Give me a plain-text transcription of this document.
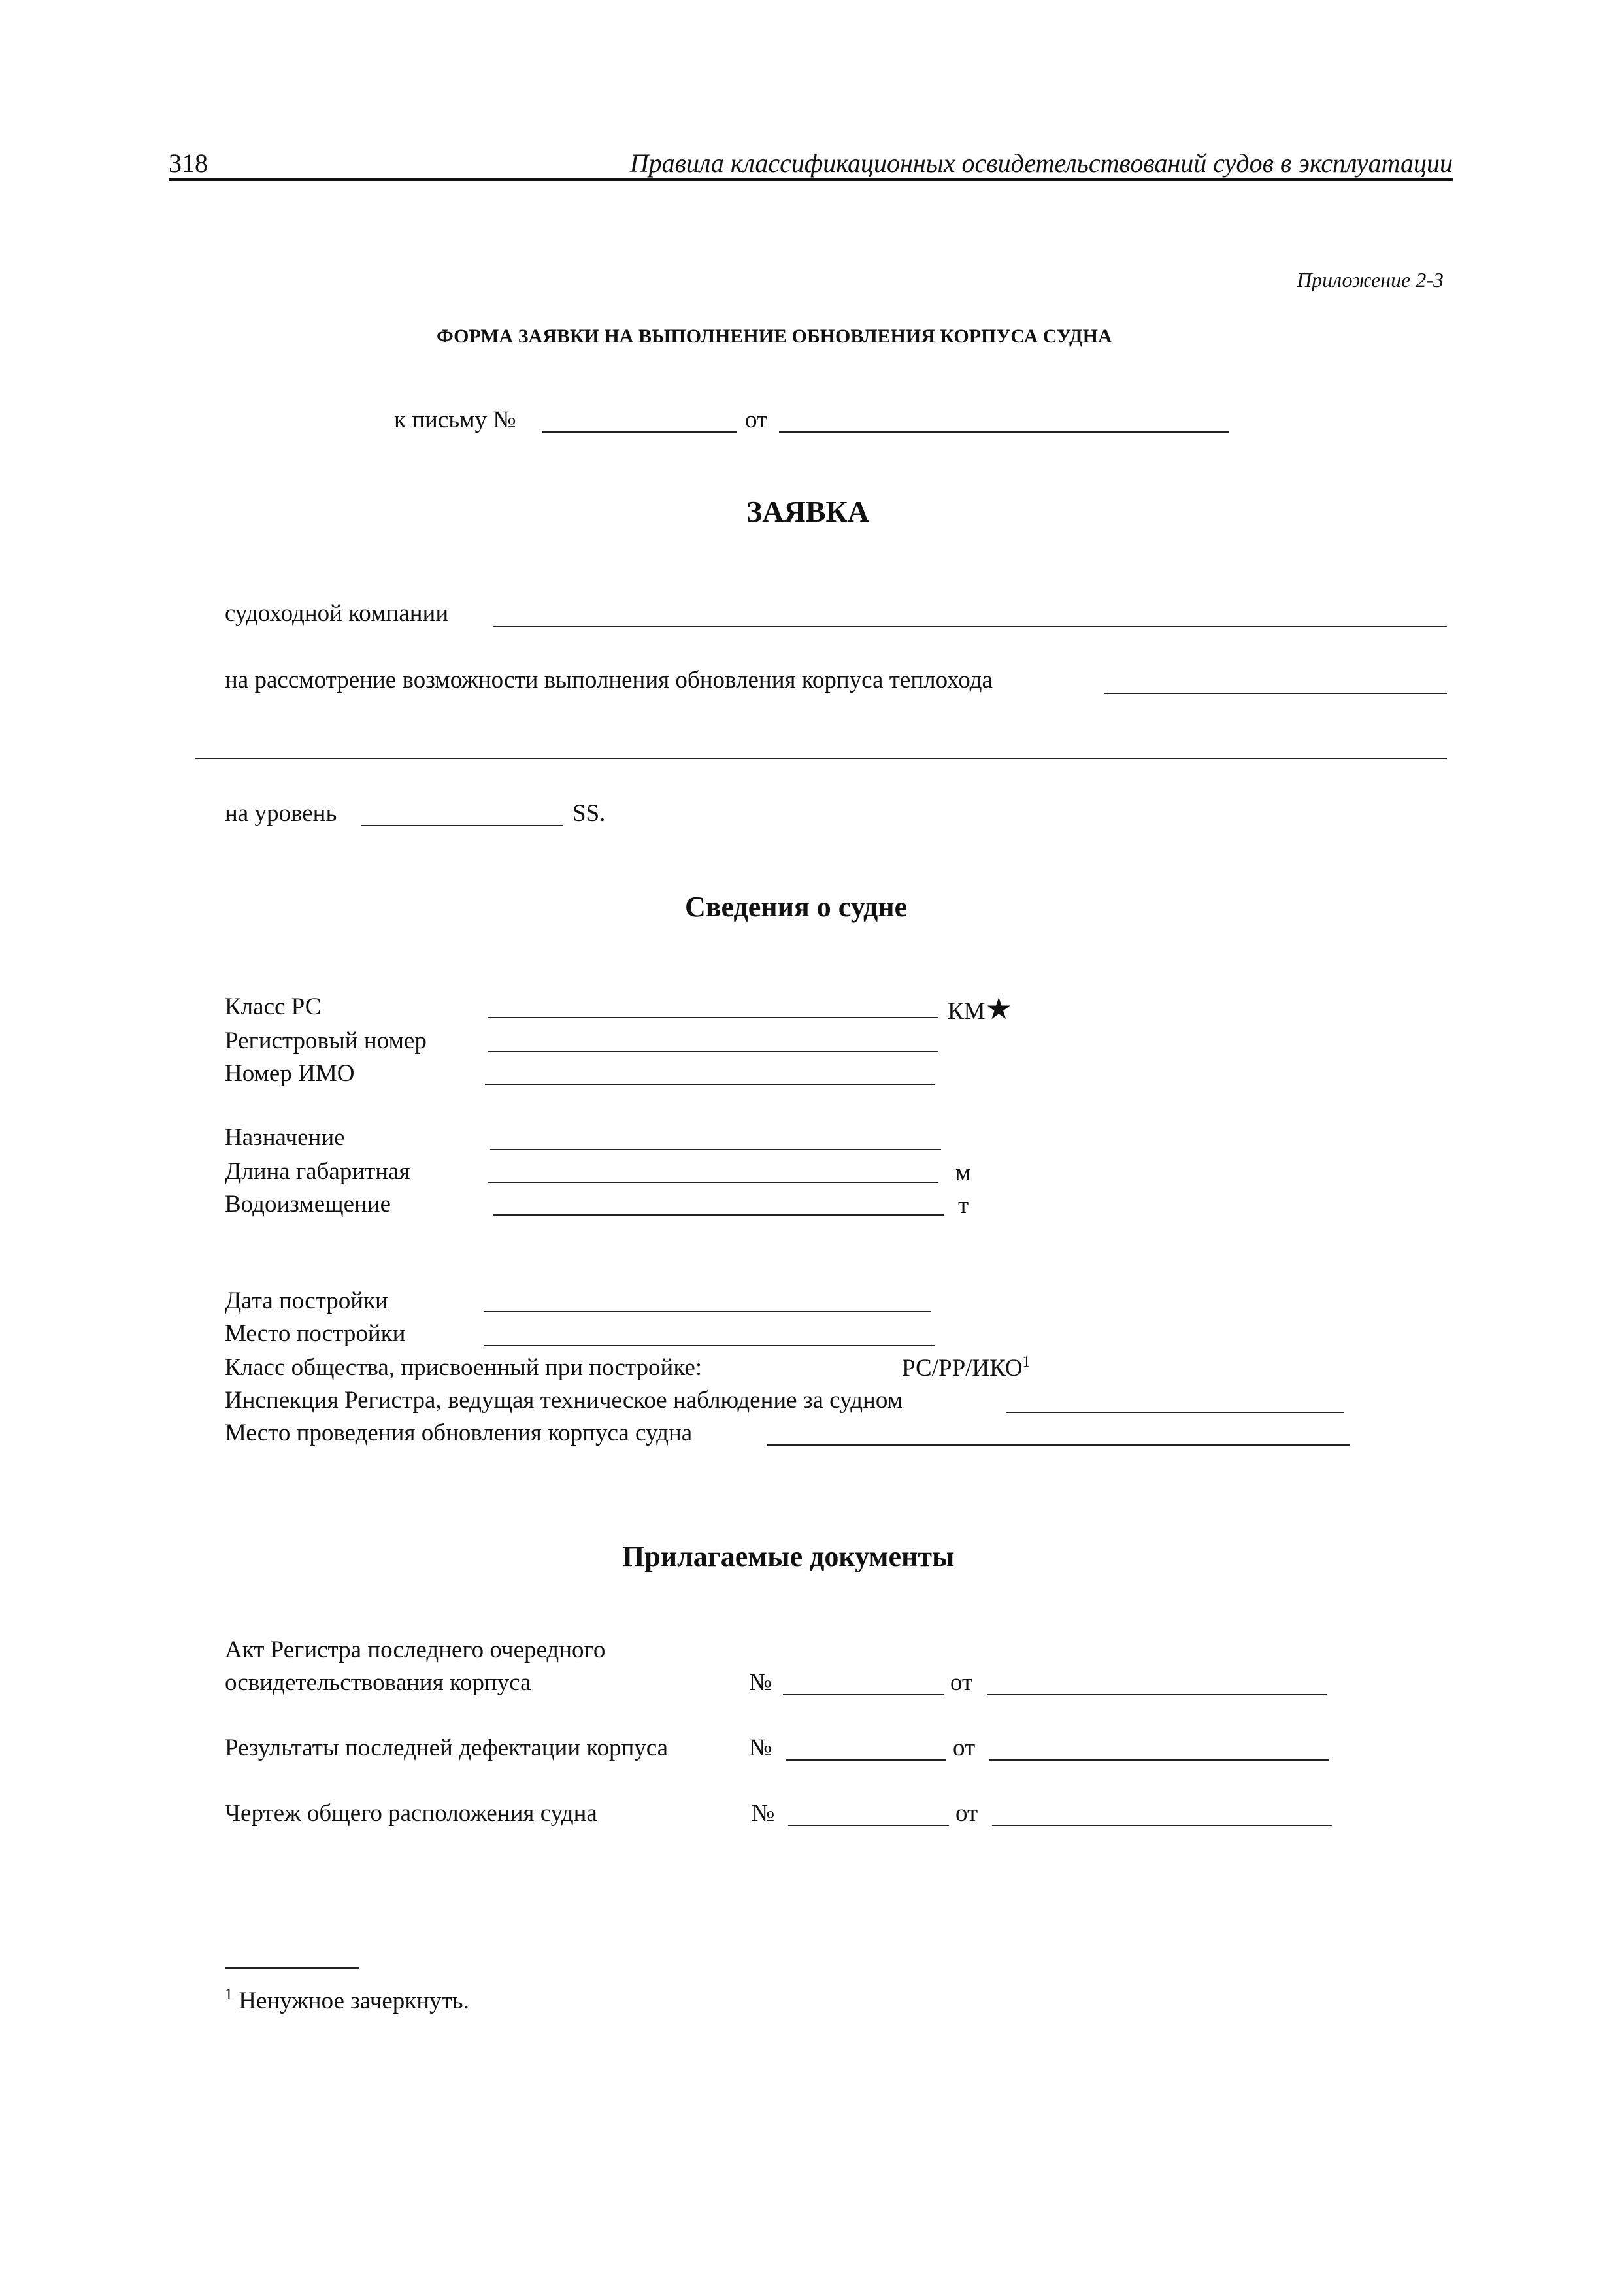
318	Правила классификационных освидетельствований судов в эксплуатации
Приложение 2-3
ФОРМА ЗАЯВКИ НА ВЫПОЛНЕНИЕ ОБНОВЛЕНИЯ КОРПУСА СУДНА
к письму №	от
ЗАЯВКА
судоходной компании
на рассмотрение возможности выполнения обновления корпуса теплохода
на уровень	SS.
Сведения о судне
Класс РС	КМ★
Регистровый номер
Номер ИМО
Назначение
Длина габаритная	м
Водоизмещение	т
Дата постройки
Место постройки
Класс общества, присвоенный при постройке:	РС/РР/ИКО$^1$
Инспекция Регистра, ведущая техническое наблюдение за судном
Место проведения обновления корпуса судна
Прилагаемые документы
Акт Регистра последнего очередного
освидетельствования корпуса	№	от
Результаты последней дефектации корпуса	№	от
Чертеж общего расположения судна	№	от
$^1$ Ненужное зачеркнуть.
